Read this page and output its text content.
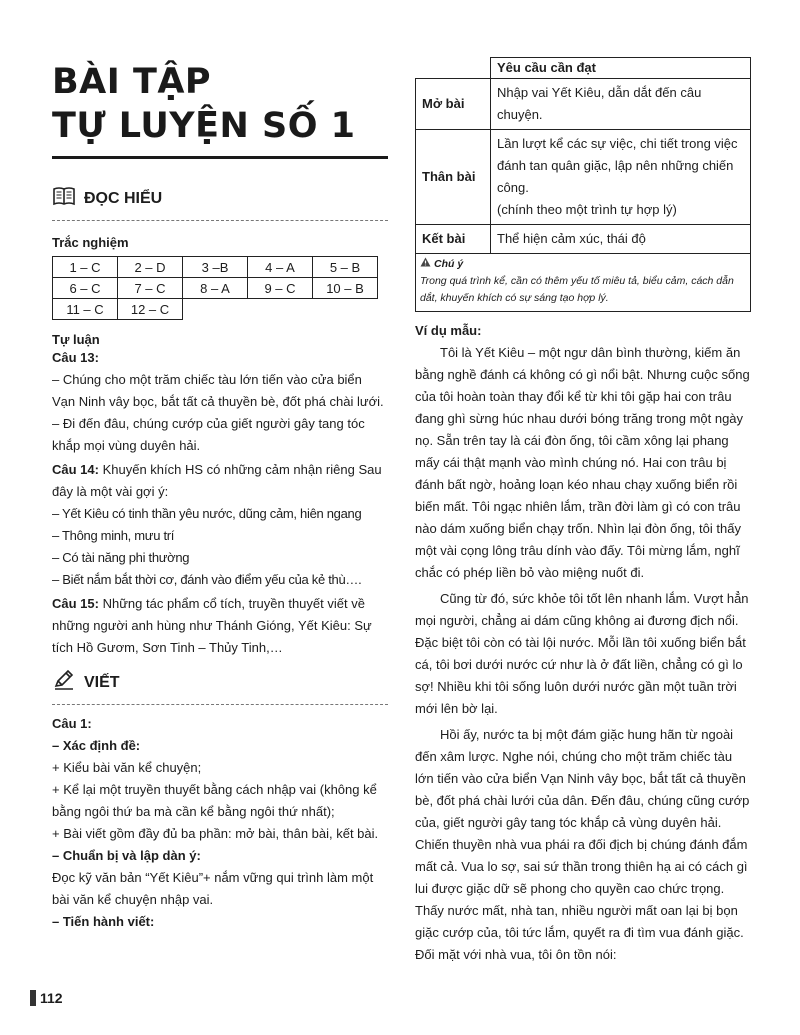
BÀI TẬP
TỰ LUYỆN SỐ 1
ĐỌC HIỂU
Trắc nghiệm
1 – C	2 – D	3 –B	4 – A	5 – B
6 – C	7 – C	8 – A	9 – C	10 – B
11 – C	12 – C			
Tự luận
Câu 13:

– Chúng cho một trăm chiếc tàu lớn tiến vào cửa biển Vạn Ninh vây bọc, bắt tất cả thuyền bè, đốt phá chài lưới.

– Đi đến đâu, chúng cướp của giết người gây tang tóc khắp mọi vùng duyên hải.

Câu 14: Khuyến khích HS có những cảm nhận riêng Sau đây là một vài gợi ý:

– Yết Kiêu có tinh thần yêu nước, dũng cảm, hiên ngang

– Thông minh, mưu trí

– Có tài năng phi thường

– Biết nắm bắt thời cơ, đánh vào điểm yếu của kẻ thù….

Câu 15: Những tác phẩm cổ tích, truyền thuyết viết về những người anh hùng như Thánh Gióng, Yết Kiêu: Sự tích Hồ Gươm, Sơn Tinh – Thủy Tinh,…

VIẾT
Câu 1:
– Xác định đề:

+ Kiểu bài văn kể chuyện;

+ Kể lại một truyền thuyết bằng cách nhập vai (không kể bằng ngôi thứ ba mà cần kể bằng ngôi thứ nhất);

+ Bài viết gồm đầy đủ ba phần: mở bài, thân bài, kết bài.

– Chuẩn bị và lập dàn ý:

Đọc kỹ văn bản “Yết Kiêu”+ nắm vững qui trình làm một bài văn kể chuyện nhập vai.

– Tiến hành viết:
	Yêu cầu cần đạt
Mở bài	Nhập vai Yết Kiêu, dẫn dắt đến câu chuyện.
Thân bài	Lần lượt kể các sự việc, chi tiết trong việc đánh tan quân giặc, lập nên những chiến công.
(chính theo một trình tự hợp lý)

Kết bài	Thể hiện cảm xúc, thái độ

Chú ý
Trong quá trình kể, cần có thêm yếu tố miêu tả, biểu cảm, cách dẫn dắt, khuyến khích có sự sáng tạo hợp lý.	
Ví dụ mẫu:

Tôi là Yết Kiêu – một ngư dân bình thường, kiếm ăn bằng nghề đánh cá không có gì nổi bật. Nhưng cuộc sống của tôi hoàn toàn thay đổi kể từ khi tôi gặp hai con trâu đang ghì sừng húc nhau dưới bóng trăng trong một ngày nọ. Sẵn trên tay là cái đòn ống, tôi cầm xông lại phang mấy cái thật mạnh vào mình chúng nó. Hai con trâu bị đánh bất ngờ, hoảng loạn kéo nhau chạy xuống biển rồi biến mất. Tôi ngạc nhiên lắm, trần đời làm gì có con trâu nào dám xuống biển chạy trốn. Nhìn lại đòn ống, tôi thấy một vài cọng lông trâu dính vào đấy. Tôi mừng lắm, nghĩ chắc có phép liền bỏ vào miệng nuốt đi.

Cũng từ đó, sức khỏe tôi tốt lên nhanh lắm. Vượt hẳn mọi người, chẳng ai dám cũng không ai đương địch nổi. Đặc biệt tôi còn có tài lội nước. Mỗi lần tôi xuống biển bắt cá, tôi bơi dưới nước cứ như là ở đất liền, chẳng có gì lo sợ! Nhiều khi tôi sống luôn dưới nước gần một tuần trời mới lên bờ lại.

Hồi ấy, nước ta bị một đám giặc hung hãn từ ngoài đến xâm lược. Nghe nói, chúng cho một trăm chiếc tàu lớn tiến vào cửa biển Vạn Ninh vây bọc, bắt tất cả thuyền bè, đốt phá chài lưới của dân. Đến đâu, chúng cũng cướp của, giết người gây tang tóc khắp cả vùng duyên hải. Chiến thuyền nhà vua phái ra đối địch bị chúng đánh đắm mất cả. Vua lo sợ, sai sứ thần trong thiên hạ ai có cách gì lui được giặc dữ sẽ phong cho quyền cao chức trọng. Thấy nước mất, nhà tan, nhiều người mất oan lại bị bọn giặc cướp của, tôi tức lắm, quyết ra đi tìm vua đánh giặc.

Đối mặt với nhà vua, tôi ôn tồn nói:

112
